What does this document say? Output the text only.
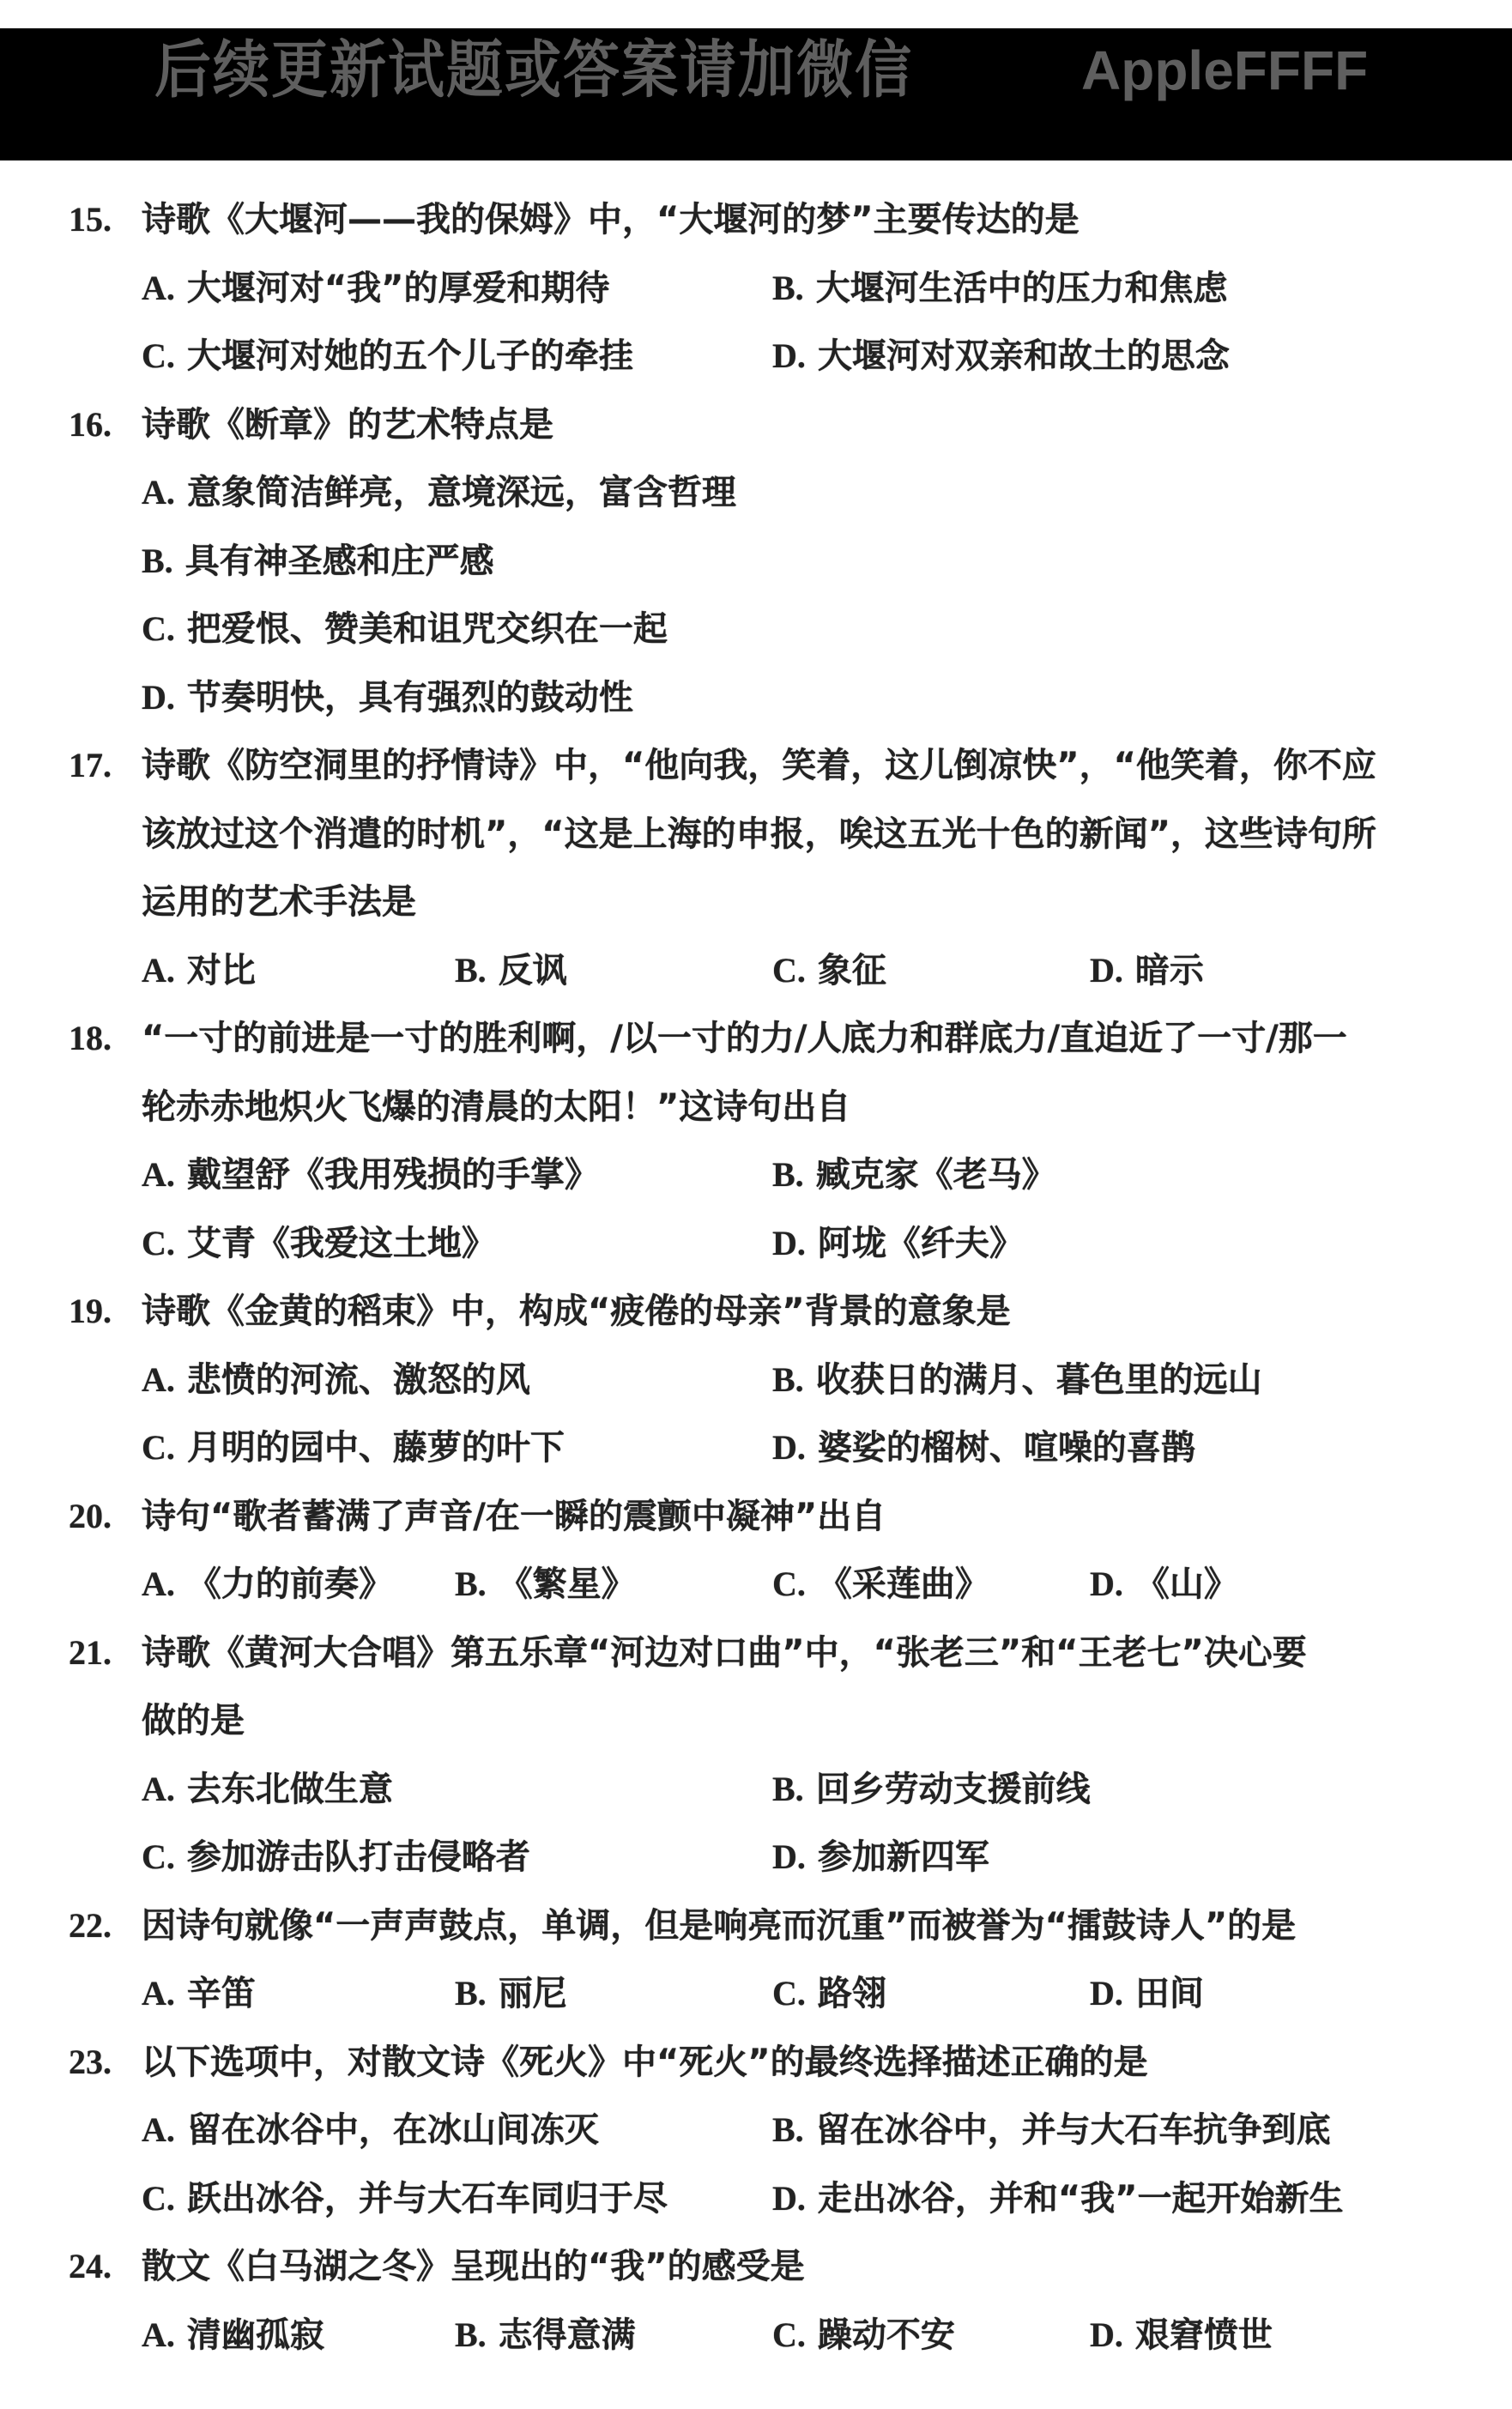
后续更新试题或答案请加微信	AppleFFFF
15. 诗歌《大堰河——我的保姆》中，“大堰河的梦”主要传达的是
A. 大堰河对“我”的厚爱和期待	B. 大堰河生活中的压力和焦虑
C. 大堰河对她的五个儿子的牵挂	D. 大堰河对双亲和故土的思念
16. 诗歌《断章》的艺术特点是
A. 意象简洁鲜亮，意境深远，富含哲理
B. 具有神圣感和庄严感
C. 把爱恨、赞美和诅咒交织在一起
D. 节奏明快，具有强烈的鼓动性
17. 诗歌《防空洞里的抒情诗》中，“他向我，笑着，这儿倒凉快”，“他笑着，你不应
该放过这个消遣的时机”，“这是上海的申报，唉这五光十色的新闻”，这些诗句所
运用的艺术手法是
A. 对比	B. 反讽	C. 象征	D. 暗示
18. “一寸的前进是一寸的胜利啊，/以一寸的力/人底力和群底力/直迫近了一寸/那一
轮赤赤地炽火飞爆的清晨的太阳！”这诗句出自
A. 戴望舒《我用残损的手掌》	B. 臧克家《老马》
C. 艾青《我爱这土地》	D. 阿垅《纤夫》
19. 诗歌《金黄的稻束》中，构成“疲倦的母亲”背景的意象是
A. 悲愤的河流、激怒的风	B. 收获日的满月、暮色里的远山
C. 月明的园中、藤萝的叶下	D. 婆娑的榴树、喧噪的喜鹊
20. 诗句“歌者蓄满了声音/在一瞬的震颤中凝神”出自
A. 《力的前奏》 B. 《繁星》	C. 《采莲曲》	D. 《山》
21. 诗歌《黄河大合唱》第五乐章“河边对口曲”中，“张老三”和“王老七”决心要
做的是
A. 去东北做生意	B. 回乡劳动支援前线
C. 参加游击队打击侵略者	D. 参加新四军
22. 因诗句就像“一声声鼓点，单调，但是响亮而沉重”而被誉为“擂鼓诗人”的是
A. 辛笛	B. 丽尼	C. 路翎	D. 田间
23. 以下选项中，对散文诗《死火》中“死火”的最终选择描述正确的是
A. 留在冰谷中，在冰山间冻灭	B. 留在冰谷中，并与大石车抗争到底
C. 跃出冰谷，并与大石车同归于尽	D. 走出冰谷，并和“我”一起开始新生
24. 散文《白马湖之冬》呈现出的“我”的感受是
A. 清幽孤寂	B. 志得意满	C. 躁动不安	D. 艰窘愤世
